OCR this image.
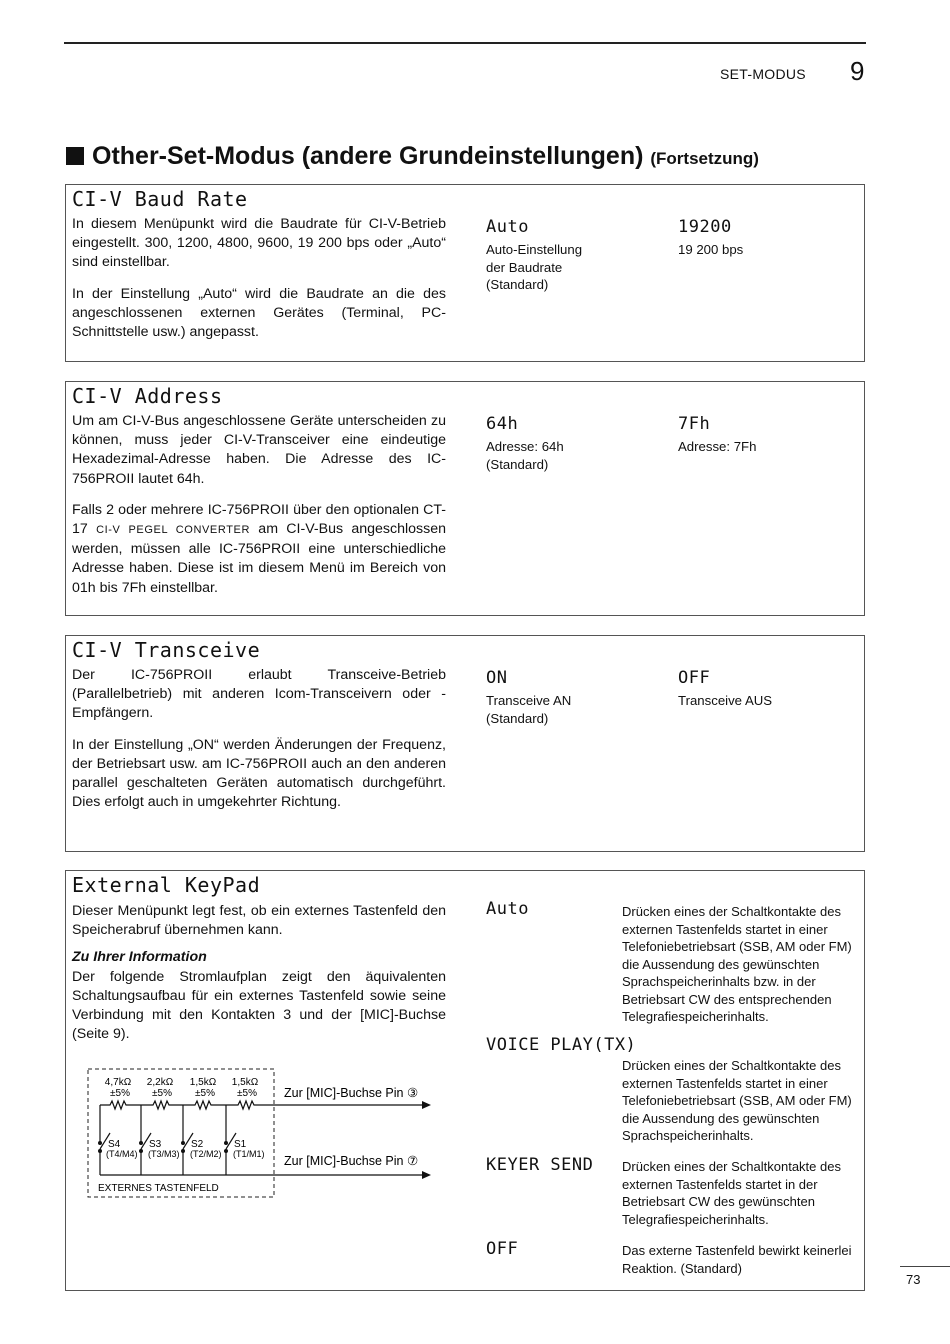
SET-MODUS 9
Other-Set-Modus (andere Grundeinstellungen) (Fortsetzung)
CI-V Baud Rate

In diesem Menüpunkt wird die Baudrate für CI-V-Betrieb eingestellt. 300, 1200, 4800, 9600, 19 200 bps oder „Auto“ sind einstellbar.

In der Einstellung „Auto“ wird die Baudrate an die des angeschlossenen externen Gerätes (Terminal, PC-Schnittstelle usw.) angepasst.

Auto
Auto-Einstellung
der Baudrate
(Standard)
19200
19 200 bps
CI-V Address

Um am CI-V-Bus angeschlossene Geräte unterscheiden zu können, muss jeder CI-V-Transceiver eine eindeutige Hexadezimal-Adresse haben. Die Adresse des IC-756PROII lautet 64h.

Falls 2 oder mehrere IC-756PROII über den optionalen CT-17 CI-V PEGEL CONVERTER am CI-V-Bus angeschlossen werden, müssen alle IC-756PROII eine unterschiedliche Adresse haben. Diese ist im diesem Menü im Bereich von 01h bis 7Fh einstellbar.

64h
Adresse: 64h
(Standard)
7Fh
Adresse: 7Fh
CI-V Transceive

Der IC-756PROII erlaubt Transceive-Betrieb (Parallelbetrieb) mit anderen Icom-Transceivern oder -Empfängern.

In der Einstellung „ON“ werden Änderungen der Frequenz, der Betriebsart usw. am IC-756PROII auch an den anderen parallel geschalteten Geräten automatisch durchgeführt. Dies erfolgt auch in umgekehrter Richtung.

ON
Transceive AN
(Standard)
OFF
Transceive AUS
External KeyPad

Dieser Menüpunkt legt fest, ob ein externes Tastenfeld den Speicherabruf übernehmen kann.

Zu Ihrer Information
Der folgende Stromlaufplan zeigt den äquivalenten Schaltungsaufbau für ein externes Tastenfeld sowie seine Verbindung mit den Kontakten 3 und der [MIC]-Buchse (Seite 9).
4,7kΩ 2,2kΩ 1,5kΩ 1,5kΩ
±5% ±5% ±5% ±5%
S4
(T4/M4)
S3
(T3/M3)
S2
(T2/M2)
S1
(T1/M1)
Zur [MIC]-Buchse Pin ③
Zur [MIC]-Buchse Pin ⑦
EXTERNES TASTENFELD
Auto	Drücken eines der Schaltkontakte des externen Tastenfelds startet in einer Telefoniebetriebsart (SSB, AM oder FM) die Aussendung des gewünschten Sprachspeicherinhalts bzw. in der Betriebsart CW des entsprechenden Telegrafiespeicherinhalts.
VOICE PLAY(TX)
Drücken eines der Schaltkontakte des externen Tastenfelds startet in einer Telefoniebetriebsart (SSB, AM oder FM) die Aussendung des gewünschten Sprachspeicherinhalts.
KEYER SEND Drücken eines der Schaltkontakte des externen Tastenfelds startet in der Betriebsart CW des gewünschten Telegrafiespeicherinhalts.
OFF	Das externe Tastenfeld bewirkt keinerlei Reaktion. (Standard)
73
